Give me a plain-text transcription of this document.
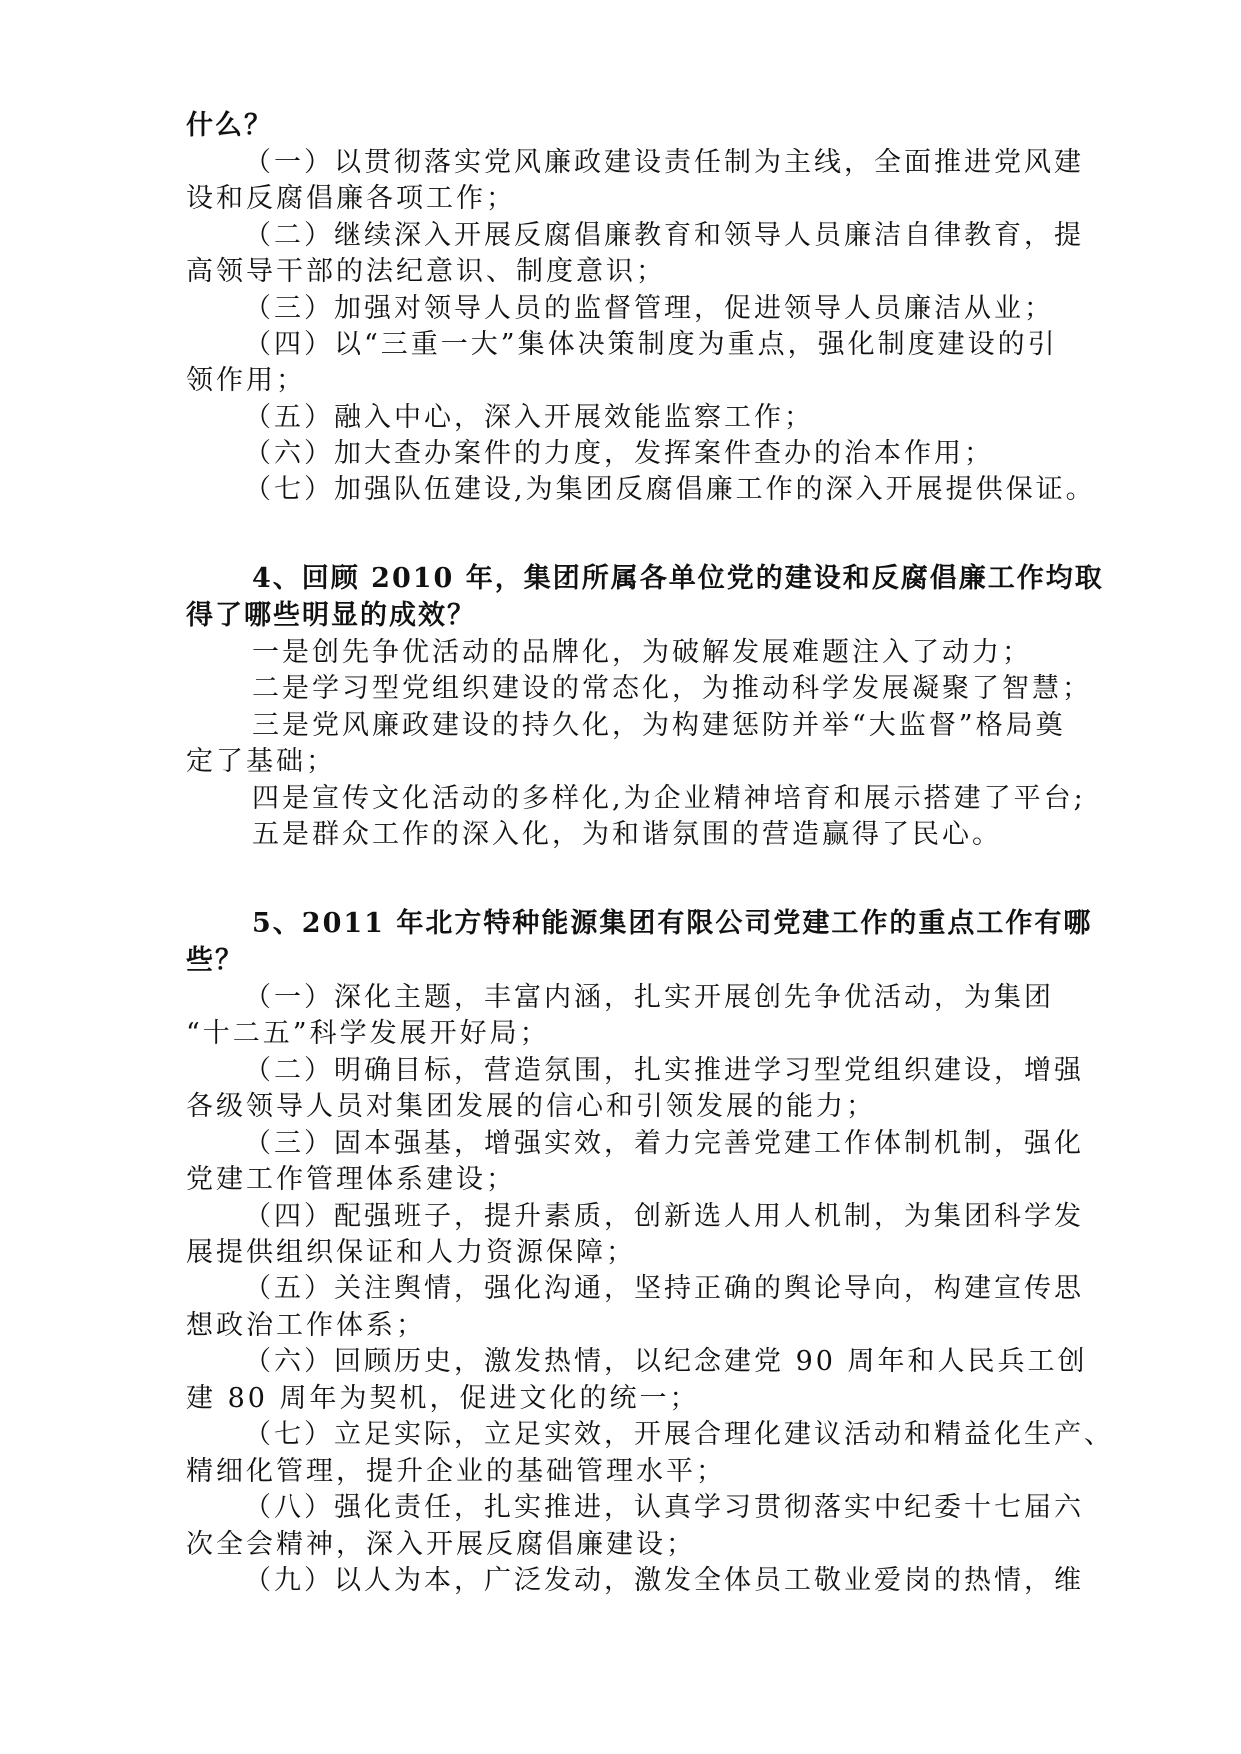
什么？
（一）以贯彻落实党风廉政建设责任制为主线，全面推进党风建
设和反腐倡廉各项工作；
（二）继续深入开展反腐倡廉教育和领导人员廉洁自律教育，提
高领导干部的法纪意识、制度意识；
（三）加强对领导人员的监督管理，促进领导人员廉洁从业；
（四）以“三重一大”集体决策制度为重点，强化制度建设的引
领作用；
（五）融入中心，深入开展效能监察工作；
（六）加大查办案件的力度，发挥案件查办的治本作用；
（七）加强队伍建设,为集团反腐倡廉工作的深入开展提供保证。
4、回顾 2010 年，集团所属各单位党的建设和反腐倡廉工作均取
得了哪些明显的成效？
一是创先争优活动的品牌化，为破解发展难题注入了动力；
二是学习型党组织建设的常态化，为推动科学发展凝聚了智慧；
三是党风廉政建设的持久化，为构建惩防并举“大监督”格局奠
定了基础；
四是宣传文化活动的多样化,为企业精神培育和展示搭建了平台;
五是群众工作的深入化，为和谐氛围的营造赢得了民心。
5、2011 年北方特种能源集团有限公司党建工作的重点工作有哪
些？
（一）深化主题，丰富内涵，扎实开展创先争优活动，为集团
“十二五”科学发展开好局；
（二）明确目标，营造氛围，扎实推进学习型党组织建设，增强
各级领导人员对集团发展的信心和引领发展的能力；
（三）固本强基，增强实效，着力完善党建工作体制机制，强化
党建工作管理体系建设；
（四）配强班子，提升素质，创新选人用人机制，为集团科学发
展提供组织保证和人力资源保障；
（五）关注舆情，强化沟通，坚持正确的舆论导向，构建宣传思
想政治工作体系；
（六）回顾历史，激发热情，以纪念建党 90 周年和人民兵工创
建 80 周年为契机，促进文化的统一；
（七）立足实际，立足实效，开展合理化建议活动和精益化生产、
精细化管理，提升企业的基础管理水平；
（八）强化责任，扎实推进，认真学习贯彻落实中纪委十七届六
次全会精神，深入开展反腐倡廉建设；
（九）以人为本，广泛发动，激发全体员工敬业爱岗的热情，维
